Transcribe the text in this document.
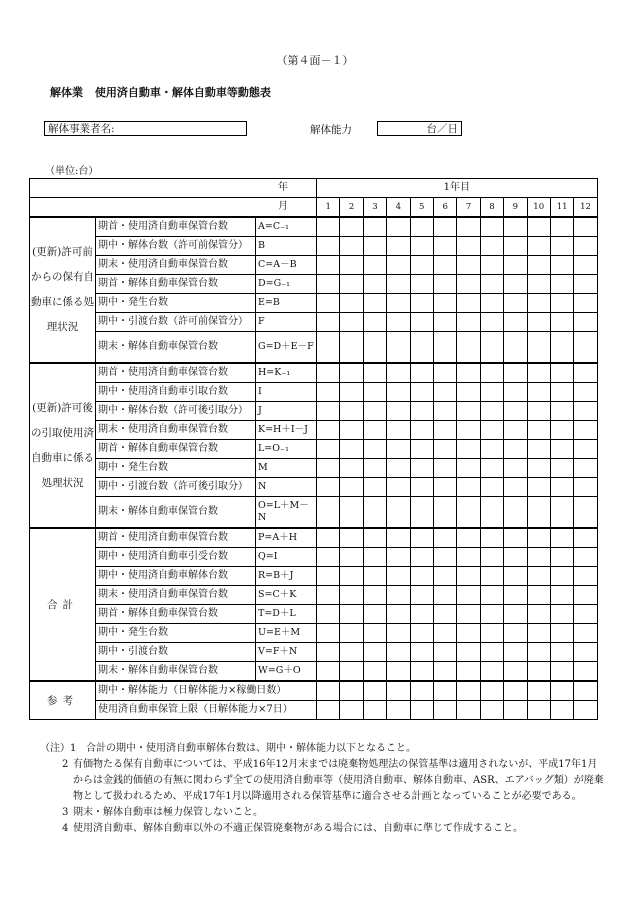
（第４面－１）
解体業 使用済自動車・解体自動車等動態表
解体事業者名:	解体能力	台／日
（単位:台）
年			1年目											
月			1	2	3	4	5	6	7	8	9	10	11	12
(更新)許可前からの保有自動車に係る処理状況	期首・使用済自動車保管台数	A=C₋₁												
	期中・解体台数（許可前保管分）	B												
	期末・使用済自動車保管台数	C=A－B												
	期首・解体自動車保管台数	D=G₋₁												
	期中・発生台数	E=B												
	期中・引渡台数（許可前保管分）	F												
	期末・解体自動車保管台数	G=D＋E－F												
(更新)許可後の引取使用済自動車に係る処理状況	期首・使用済自動車保管台数	H=K₋₁												
	期中・使用済自動車引取台数	I												
	期中・解体台数（許可後引取分）	J												
	期末・使用済自動車保管台数	K=H＋I－J												
	期首・解体自動車保管台数	L=O₋₁												
	期中・発生台数	M												
	期中・引渡台数（許可後引取分）	N												
	期末・解体自動車保管台数	O=L＋M－N												
合計	期首・使用済自動車保管台数	P=A＋H												
	期中・使用済自動車引受台数	Q=I												
	期中・使用済自動車解体台数	R=B＋J												
	期末・使用済自動車保管台数	S=C＋K												
	期首・解体自動車保管台数	T=D＋L												
	期中・発生台数	U=E＋M												
	期中・引渡台数	V=F＋N												
	期末・解体自動車保管台数	W=G＋O												
参考	期中・解体能力（日解体能力×稼働日数）													
	使用済自動車保管上限（日解体能力×7日）													
（注）1 合計の期中・使用済自動車解体台数は、期中・解体能力以下となること。
2 有価物たる保有自動車については、平成16年12月末までは廃棄物処理法の保管基準は適用されないが、平成17年1月からは金銭的価値の有無に関わらず全ての使用済自動車等（使用済自動車、解体自動車、ASR、エアバッグ類）が廃棄物として扱われるため、平成17年1月以降適用される保管基準に適合させる計画となっていることが必要である。
3 期末・解体自動車は極力保管しないこと。
4 使用済自動車、解体自動車以外の不適正保管廃棄物がある場合には、自動車に準じて作成すること。
